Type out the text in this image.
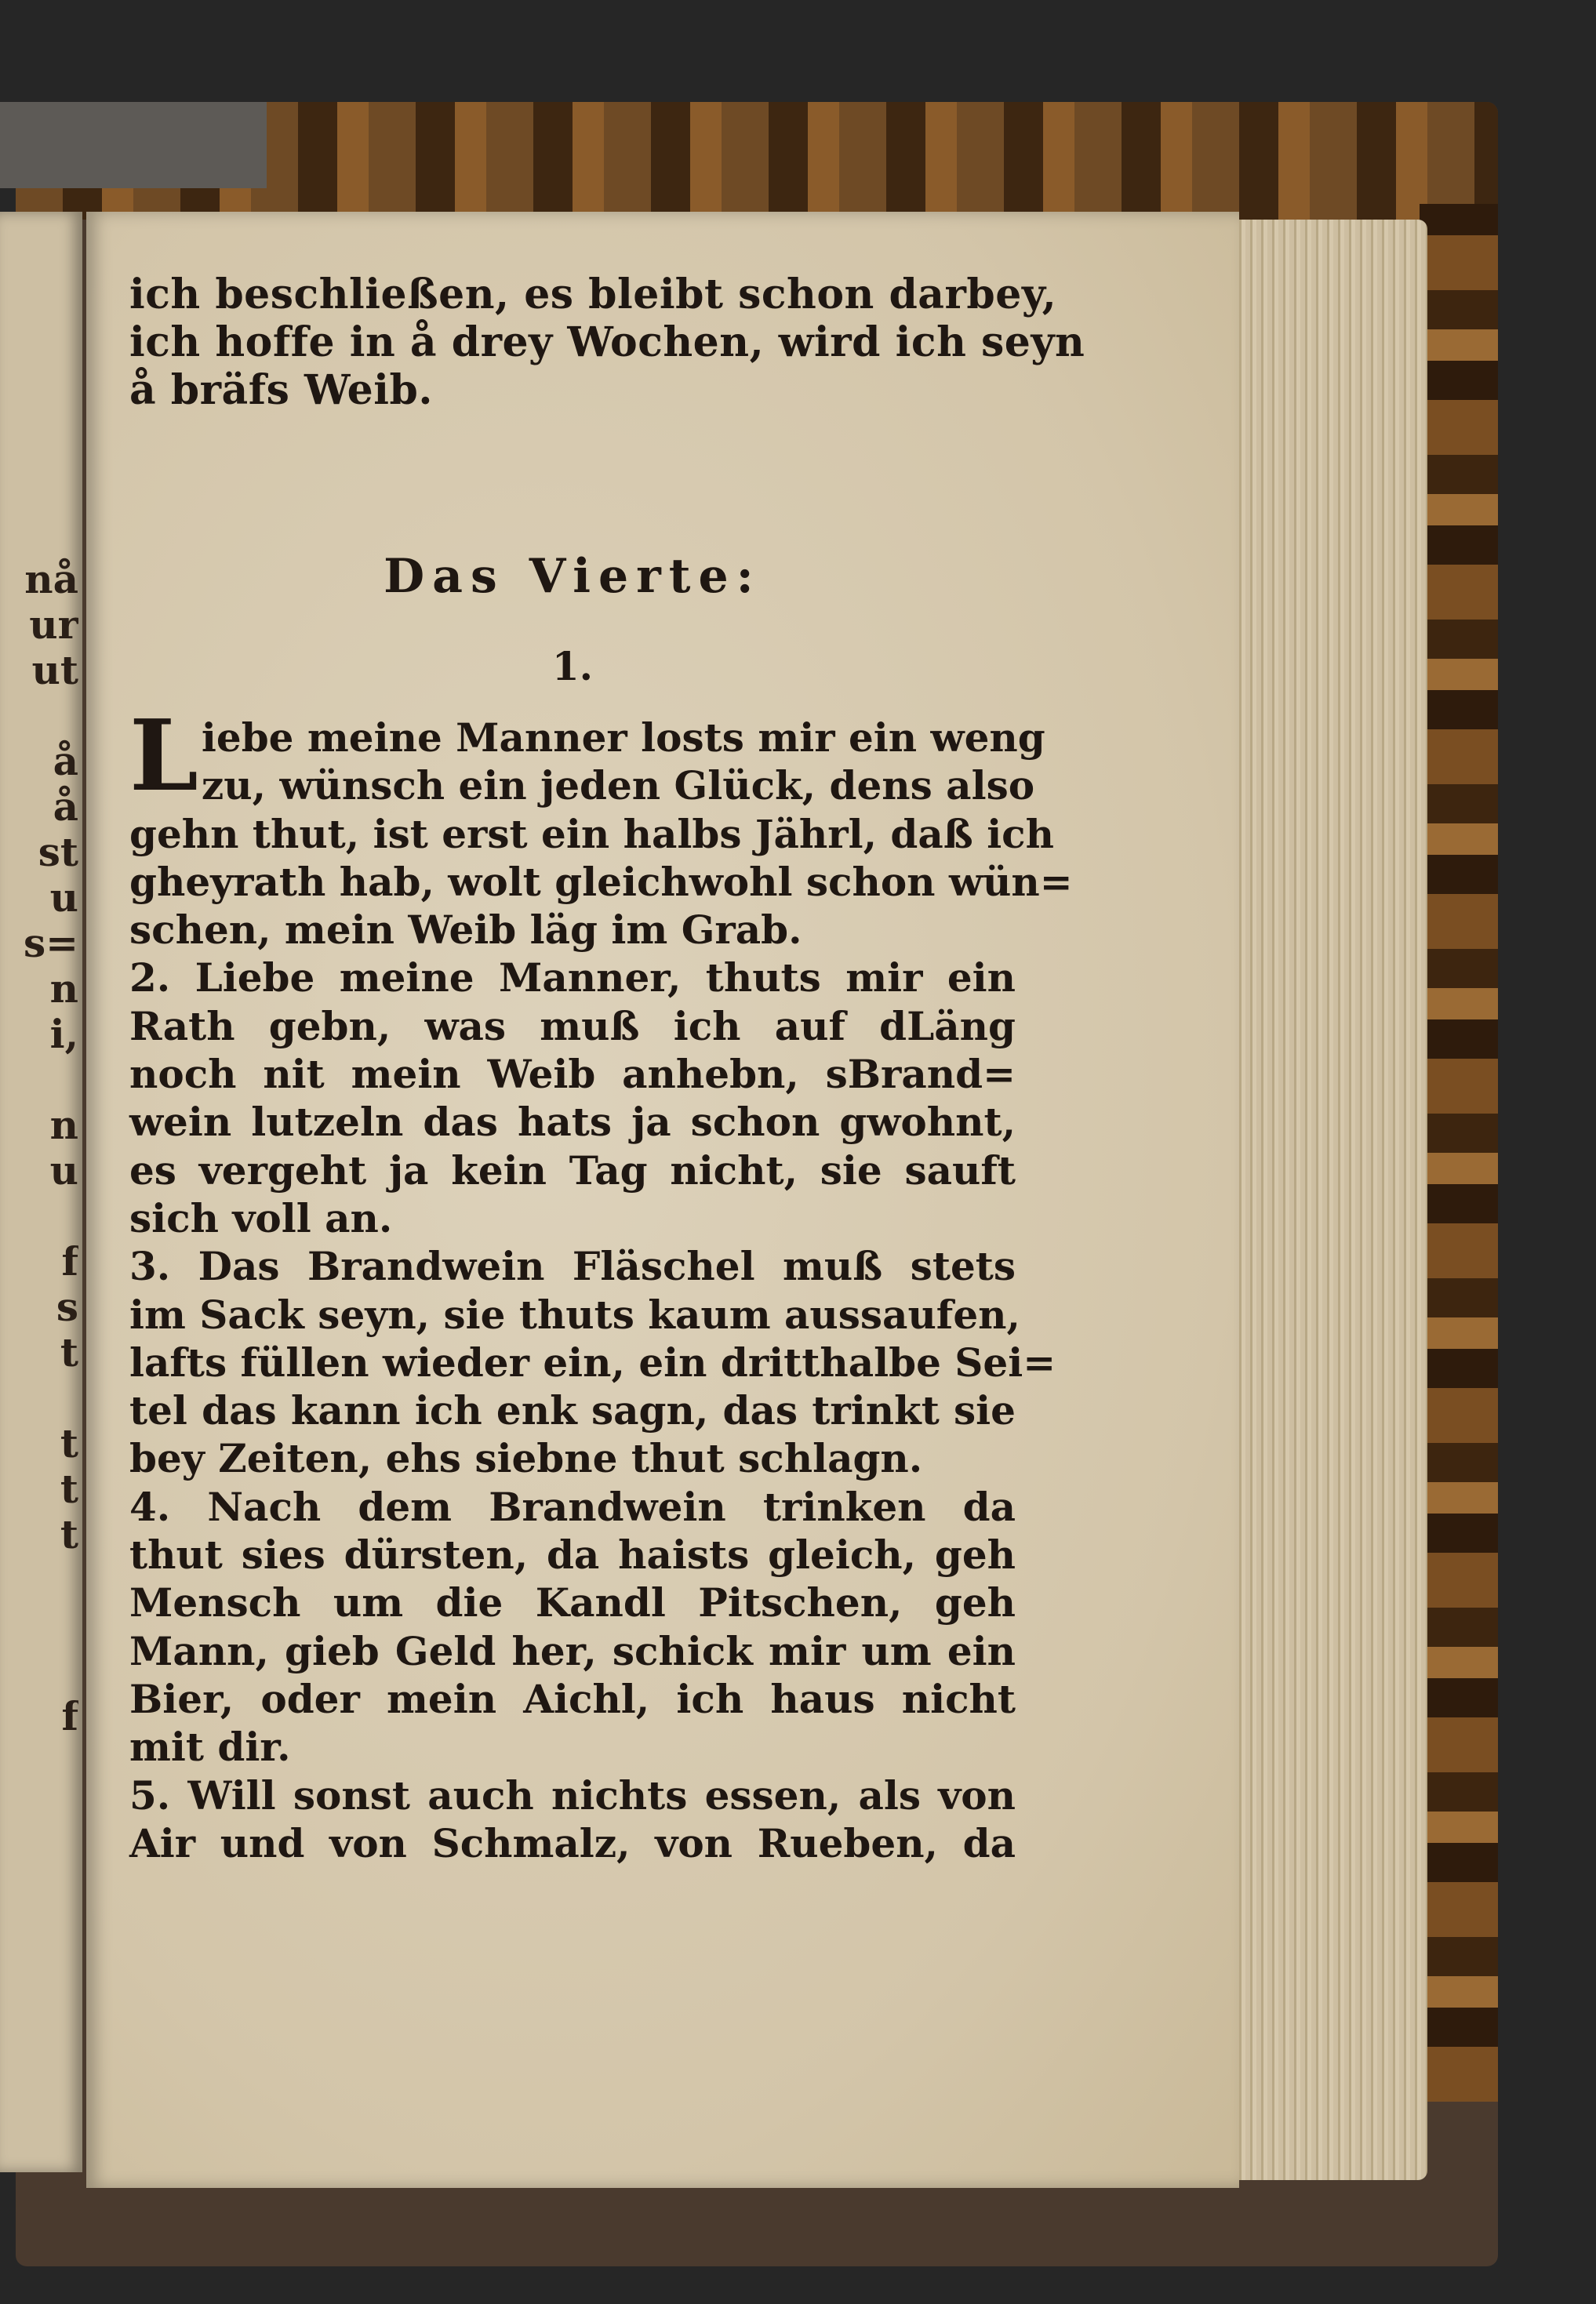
nå
ur
ut
å
å
st
u
s=
n
i,
n
u
f
s
t
t
t
t
f
ich beschließen, es bleibt schon darbey,
ich hoffe in å drey Wochen, wird ich seyn
å bräfs Weib.
Das Vierte:
1.
L iebe meine Manner losts mir ein weng
zu, wünsch ein jeden Glück, dens also
gehn thut, ist erst ein halbs Jährl, daß ich
gheyrath hab, wolt gleichwohl schon wün=
schen, mein Weib läg im Grab.
2. Liebe meine Manner, thuts mir ein
Rath gebn, was muß ich auf dLäng
noch nit mein Weib anhebn, sBrand=
wein lutzeln das hats ja schon gwohnt,
es vergeht ja kein Tag nicht, sie sauft
sich voll an.
3. Das Brandwein Fläschel muß stets
im Sack seyn, sie thuts kaum aussaufen,
lafts füllen wieder ein, ein dritthalbe Sei=
tel das kann ich enk sagn, das trinkt sie
bey Zeiten, ehs siebne thut schlagn.
4. Nach dem Brandwein trinken da
thut sies dürsten, da haists gleich, geh
Mensch um die Kandl Pitschen, geh
Mann, gieb Geld her, schick mir um ein
Bier, oder mein Aichl, ich haus nicht
mit dir.
5. Will sonst auch nichts essen, als von
Air und von Schmalz, von Rueben, da
